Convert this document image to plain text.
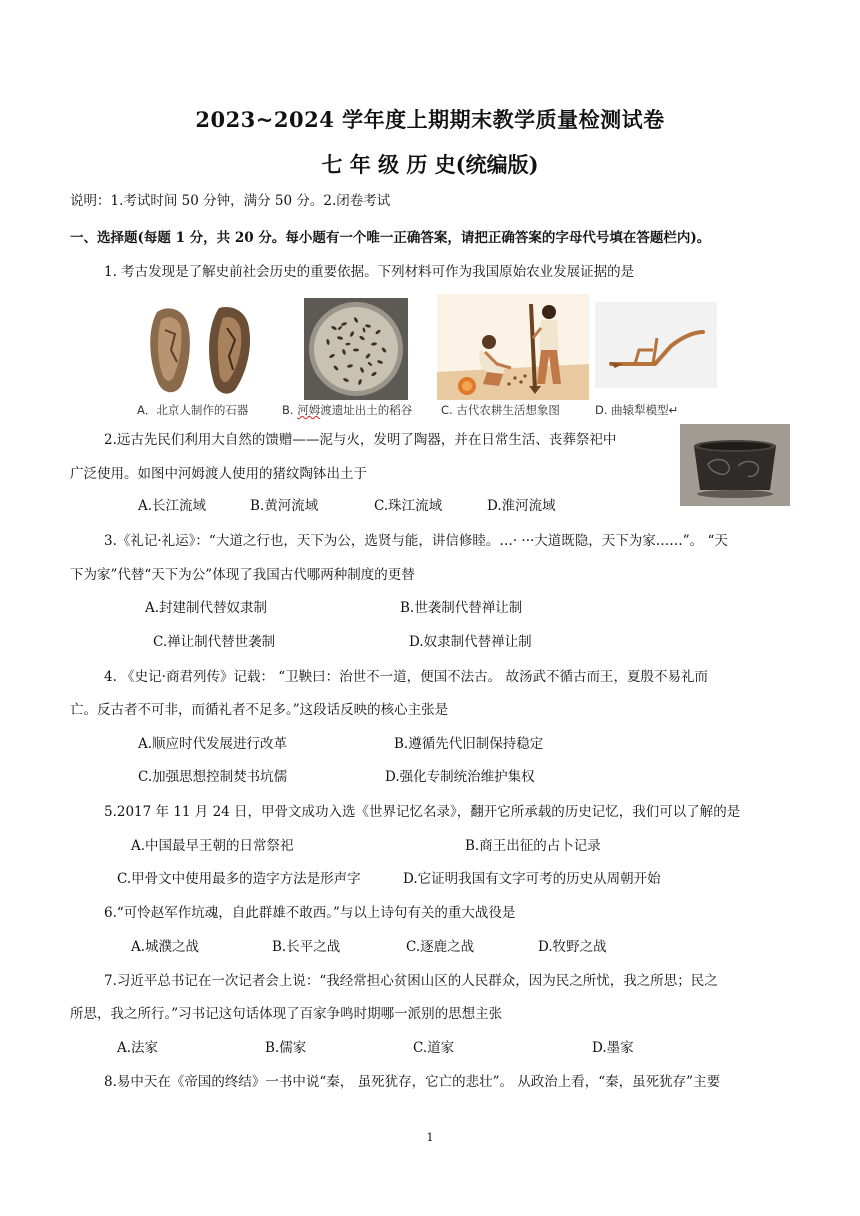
2023~2024 学年度上期期末教学质量检测试卷
七 年 级 历 史(统编版)
说明：1.考试时间 50 分钟，满分 50 分。2.闭卷考试
一、选择题(每题 1 分，共 20 分。每小题有一个唯一正确答案，请把正确答案的字母代号填在答题栏内)。
1. 考古发现是了解史前社会历史的重要依据。下列材料可作为我国原始农业发展证据的是
A．北京人制作的石器	B. 河姆渡遗址出土的稻谷	C. 古代农耕生活想象图	D. 曲辕犁模型↵
2.远古先民们利用大自然的馈赠——泥与火，发明了陶器，并在日常生活、丧葬祭祀中
广泛使用。如图中河姆渡人使用的猪纹陶钵出土于
A.长江流域	B.黄河流域	C.珠江流域	D.淮河流域
3.《礼记·礼运》：“大道之行也，天下为公，选贤与能，讲信修睦。…· ···大道既隐，天下为家……”。 “天
下为家”代替“天下为公”体现了我国古代哪两种制度的更替
A.封建制代替奴隶制	B.世袭制代替禅让制
C.禅让制代替世袭制	D.奴隶制代替禅让制
4. 《史记·商君列传》记载： “卫鞅曰：治世不一道，便国不法古。 故汤武不循古而王，夏殷不易礼而
亡。反古者不可非，而循礼者不足多。”这段话反映的核心主张是
A.顺应时代发展进行改革	B.遵循先代旧制保持稳定
C.加强思想控制焚书坑儒	D.强化专制统治维护集权
5.2017 年 11 月 24 日，甲骨文成功入选《世界记忆名录》，翻开它所承载的历史记忆，我们可以了解的是
A.中国最早王朝的日常祭祀	B.商王出征的占卜记录
C.甲骨文中使用最多的造字方法是形声字	D.它证明我国有文字可考的历史从周朝开始
6.“可怜赵军作坑魂，自此群雄不敢西。”与以上诗句有关的重大战役是
A.城濮之战	B.长平之战	C.逐鹿之战	D.牧野之战
7.习近平总书记在一次记者会上说：“我经常担心贫困山区的人民群众，因为民之所忧，我之所思；民之
所思，我之所行。”习书记这句话体现了百家争鸣时期哪一派别的思想主张
A.法家	B.儒家	C.道家	D.墨家
8.易中天在《帝国的终结》一书中说“秦， 虽死犹存，它亡的悲壮”。 从政治上看，“秦，虽死犹存”主要
1
